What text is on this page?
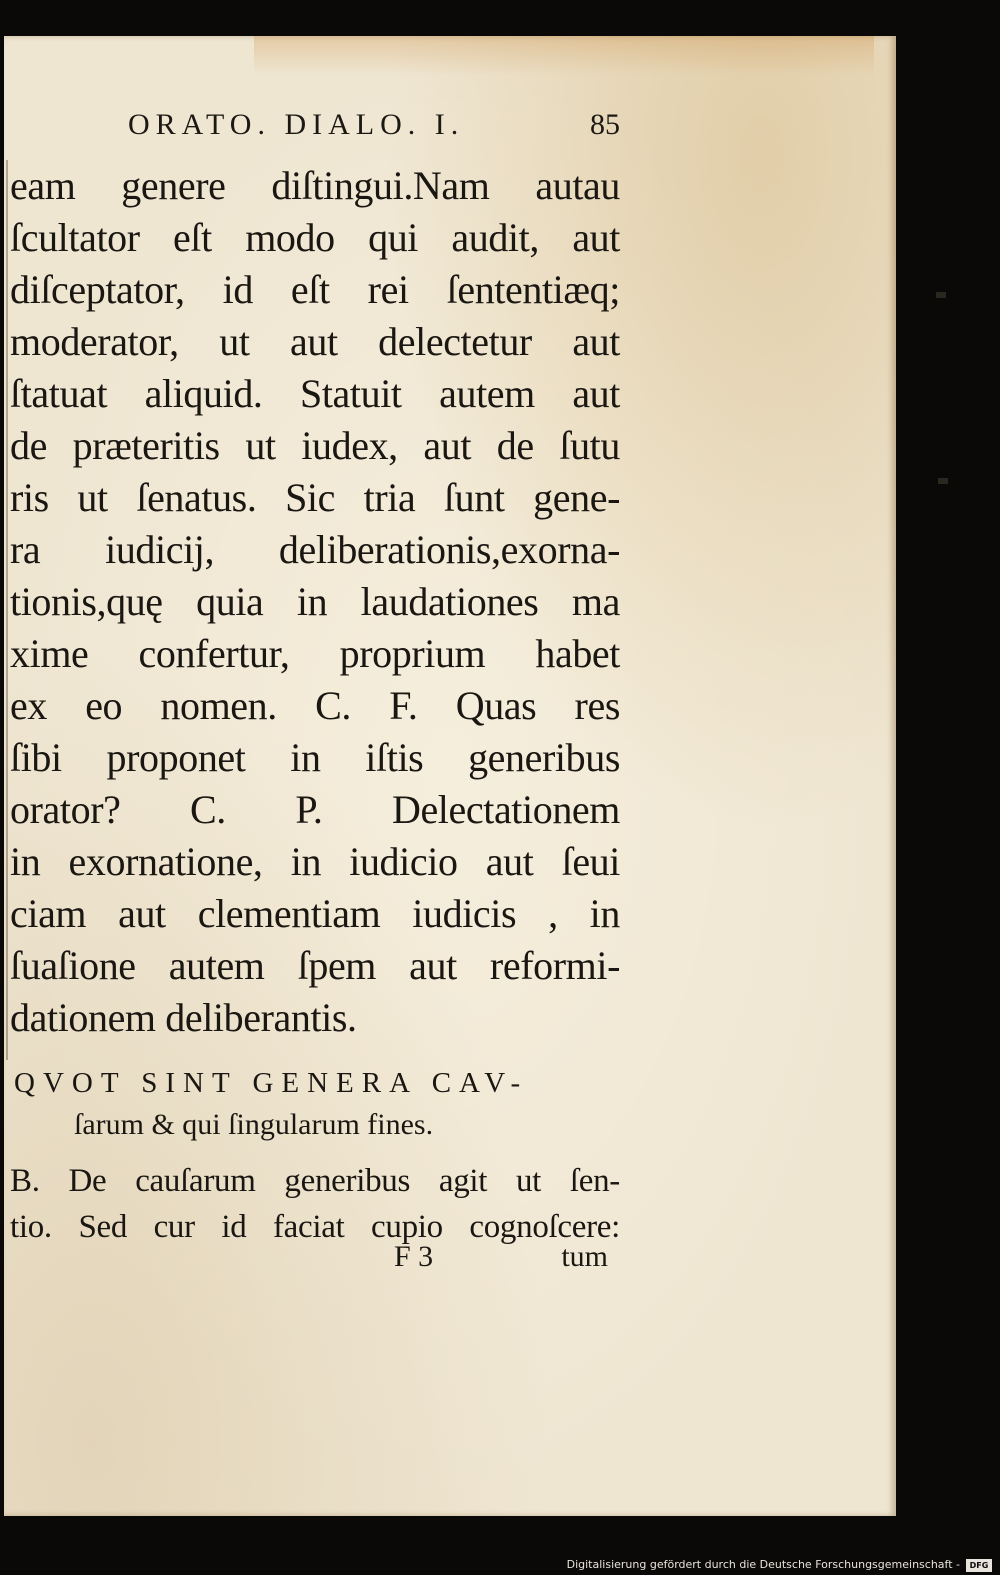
ORATO. DIALO. I.	85
eam genere diſtingui.Nam autau
ſcultator eſt modo qui audit, aut
diſceptator, id eſt rei ſententiæq;
moderator, ut aut delectetur aut
ſtatuat aliquid. Statuit autem aut
de præteritis ut iudex, aut de ſutu
ris ut ſenatus. Sic tria ſunt gene-
ra iudicij, deliberationis,exorna-
tionis,quę quia in laudationes ma
xime confertur, proprium habet
ex eo nomen. C. F. Quas res
ſibi proponet in iſtis generibus
orator? C. P. Delectationem
in exornatione, in iudicio aut ſeui
ciam aut clementiam iudicis , in
ſuaſione autem ſpem aut reformi-
dationem deliberantis.
QVOT SINT GENERA CAV-
ſarum & qui ſingularum fines.
B. De cauſarum generibus agit ut ſen-
tio. Sed cur id faciat cupio cognoſcere:
F 3	tum
Digitalisierung gefördert durch die Deutsche Forschungsgemeinschaft -	DFG
